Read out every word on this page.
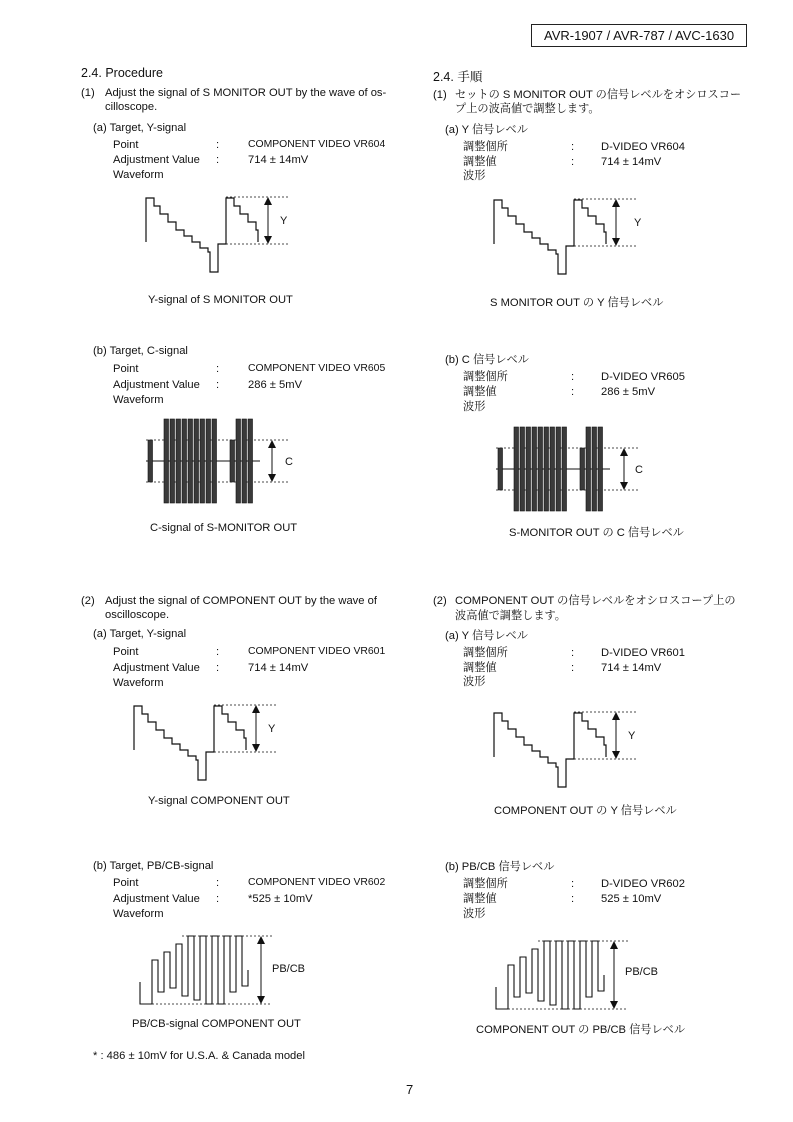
AVR-1907 / AVR-787 / AVC-1630
2.4. Procedure
(1) Adjust the signal of S MONITOR OUT by the wave of os-
cilloscope.
(a) Target, Y-signal
Point	:	COMPONENT VIDEO VR604
Adjustment Value :	714 ± 14mV
Waveform
Y
Y-signal of S MONITOR OUT
(b) Target, C-signal
Point	:	COMPONENT VIDEO VR605
Adjustment Value :	286 ± 5mV
Waveform
C
C-signal of S-MONITOR OUT
(2) Adjust the signal of COMPONENT OUT by the wave of
oscilloscope.
(a) Target, Y-signal
Point	:	COMPONENT VIDEO VR601
Adjustment Value :	714 ± 14mV
Waveform
Y
Y-signal COMPONENT OUT
(b) Target, PB/CB-signal
Point	:	COMPONENT VIDEO VR602
Adjustment Value :	*525 ± 10mV
Waveform
PB/CB
PB/CB-signal COMPONENT OUT
* : 486 ± 10mV for U.S.A. & Canada model
2.4. 手順
(1) セットの S MONITOR OUT の信号レベルをオシロスコー
プ上の波高値で調整します。
(a) Y 信号レベル
調整個所	: D-VIDEO VR604
調整値	: 714 ± 14mV
波形
Y
S MONITOR OUT の Y 信号レベル
(b) C 信号レベル
調整個所	: D-VIDEO VR605
調整値	: 286 ± 5mV
波形
C
S-MONITOR OUT の C 信号レベル
(2) COMPONENT OUT の信号レベルをオシロスコープ上の
波高値で調整します。
(a) Y 信号レベル
調整個所	: D-VIDEO VR601
調整値	: 714 ± 14mV
波形
Y
COMPONENT OUT の Y 信号レベル
(b) PB/CB 信号レベル
調整個所	: D-VIDEO VR602
調整値	: 525 ± 10mV
波形
PB/CB
COMPONENT OUT の PB/CB 信号レベル
7
